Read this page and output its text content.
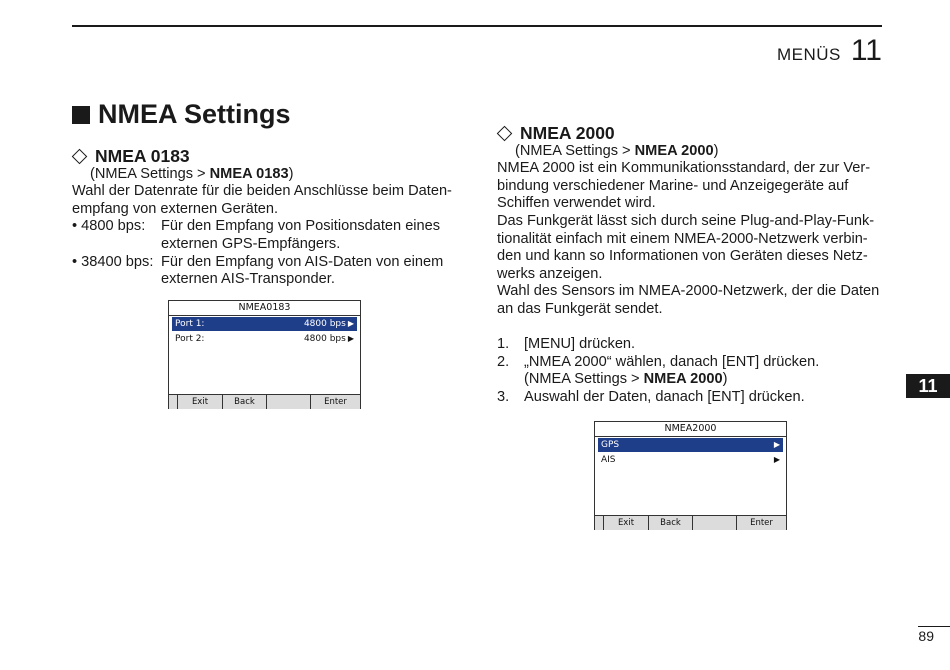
MENÜS 11
11
NMEA Settings
NMEA 0183
(NMEA Settings > NMEA 0183)
Wahl der Datenrate für die beiden Anschlüsse beim Daten-
empfang von externen Geräten.
• 4800 bps:	Für den Empfang von Positionsdaten eines
externen GPS-Empfängers.
• 38400 bps: Für den Empfang von AIS-Daten von einem
externen AIS-Transponder.
NMEA0183
Port 1:	4800 bps ▶
Port 2:	4800 bps ▶
Exit	Back	Enter
NMEA 2000
(NMEA Settings > NMEA 2000)
NMEA 2000 ist ein Kommunikationsstandard, der zur Ver-
bindung verschiedener Marine- und Anzeigegeräte auf
Schiffen verwendet wird.
Das Funkgerät lässt sich durch seine Plug-and-Play-Funk-
tionalität einfach mit einem NMEA-2000-Netzwerk verbin-
den und kann so Informationen von Geräten dieses Netz-
werks anzeigen.
Wahl des Sensors im NMEA-2000-Netzwerk, der die Daten
an das Funkgerät sendet.
1.	[MENU] drücken.
2.	„NMEA 2000“ wählen, danach [ENT] drücken.
(NMEA Settings > NMEA 2000)
3.	Auswahl der Daten, danach [ENT] drücken.
NMEA2000
GPS	▶
AIS	▶
Exit	Back	Enter
89
